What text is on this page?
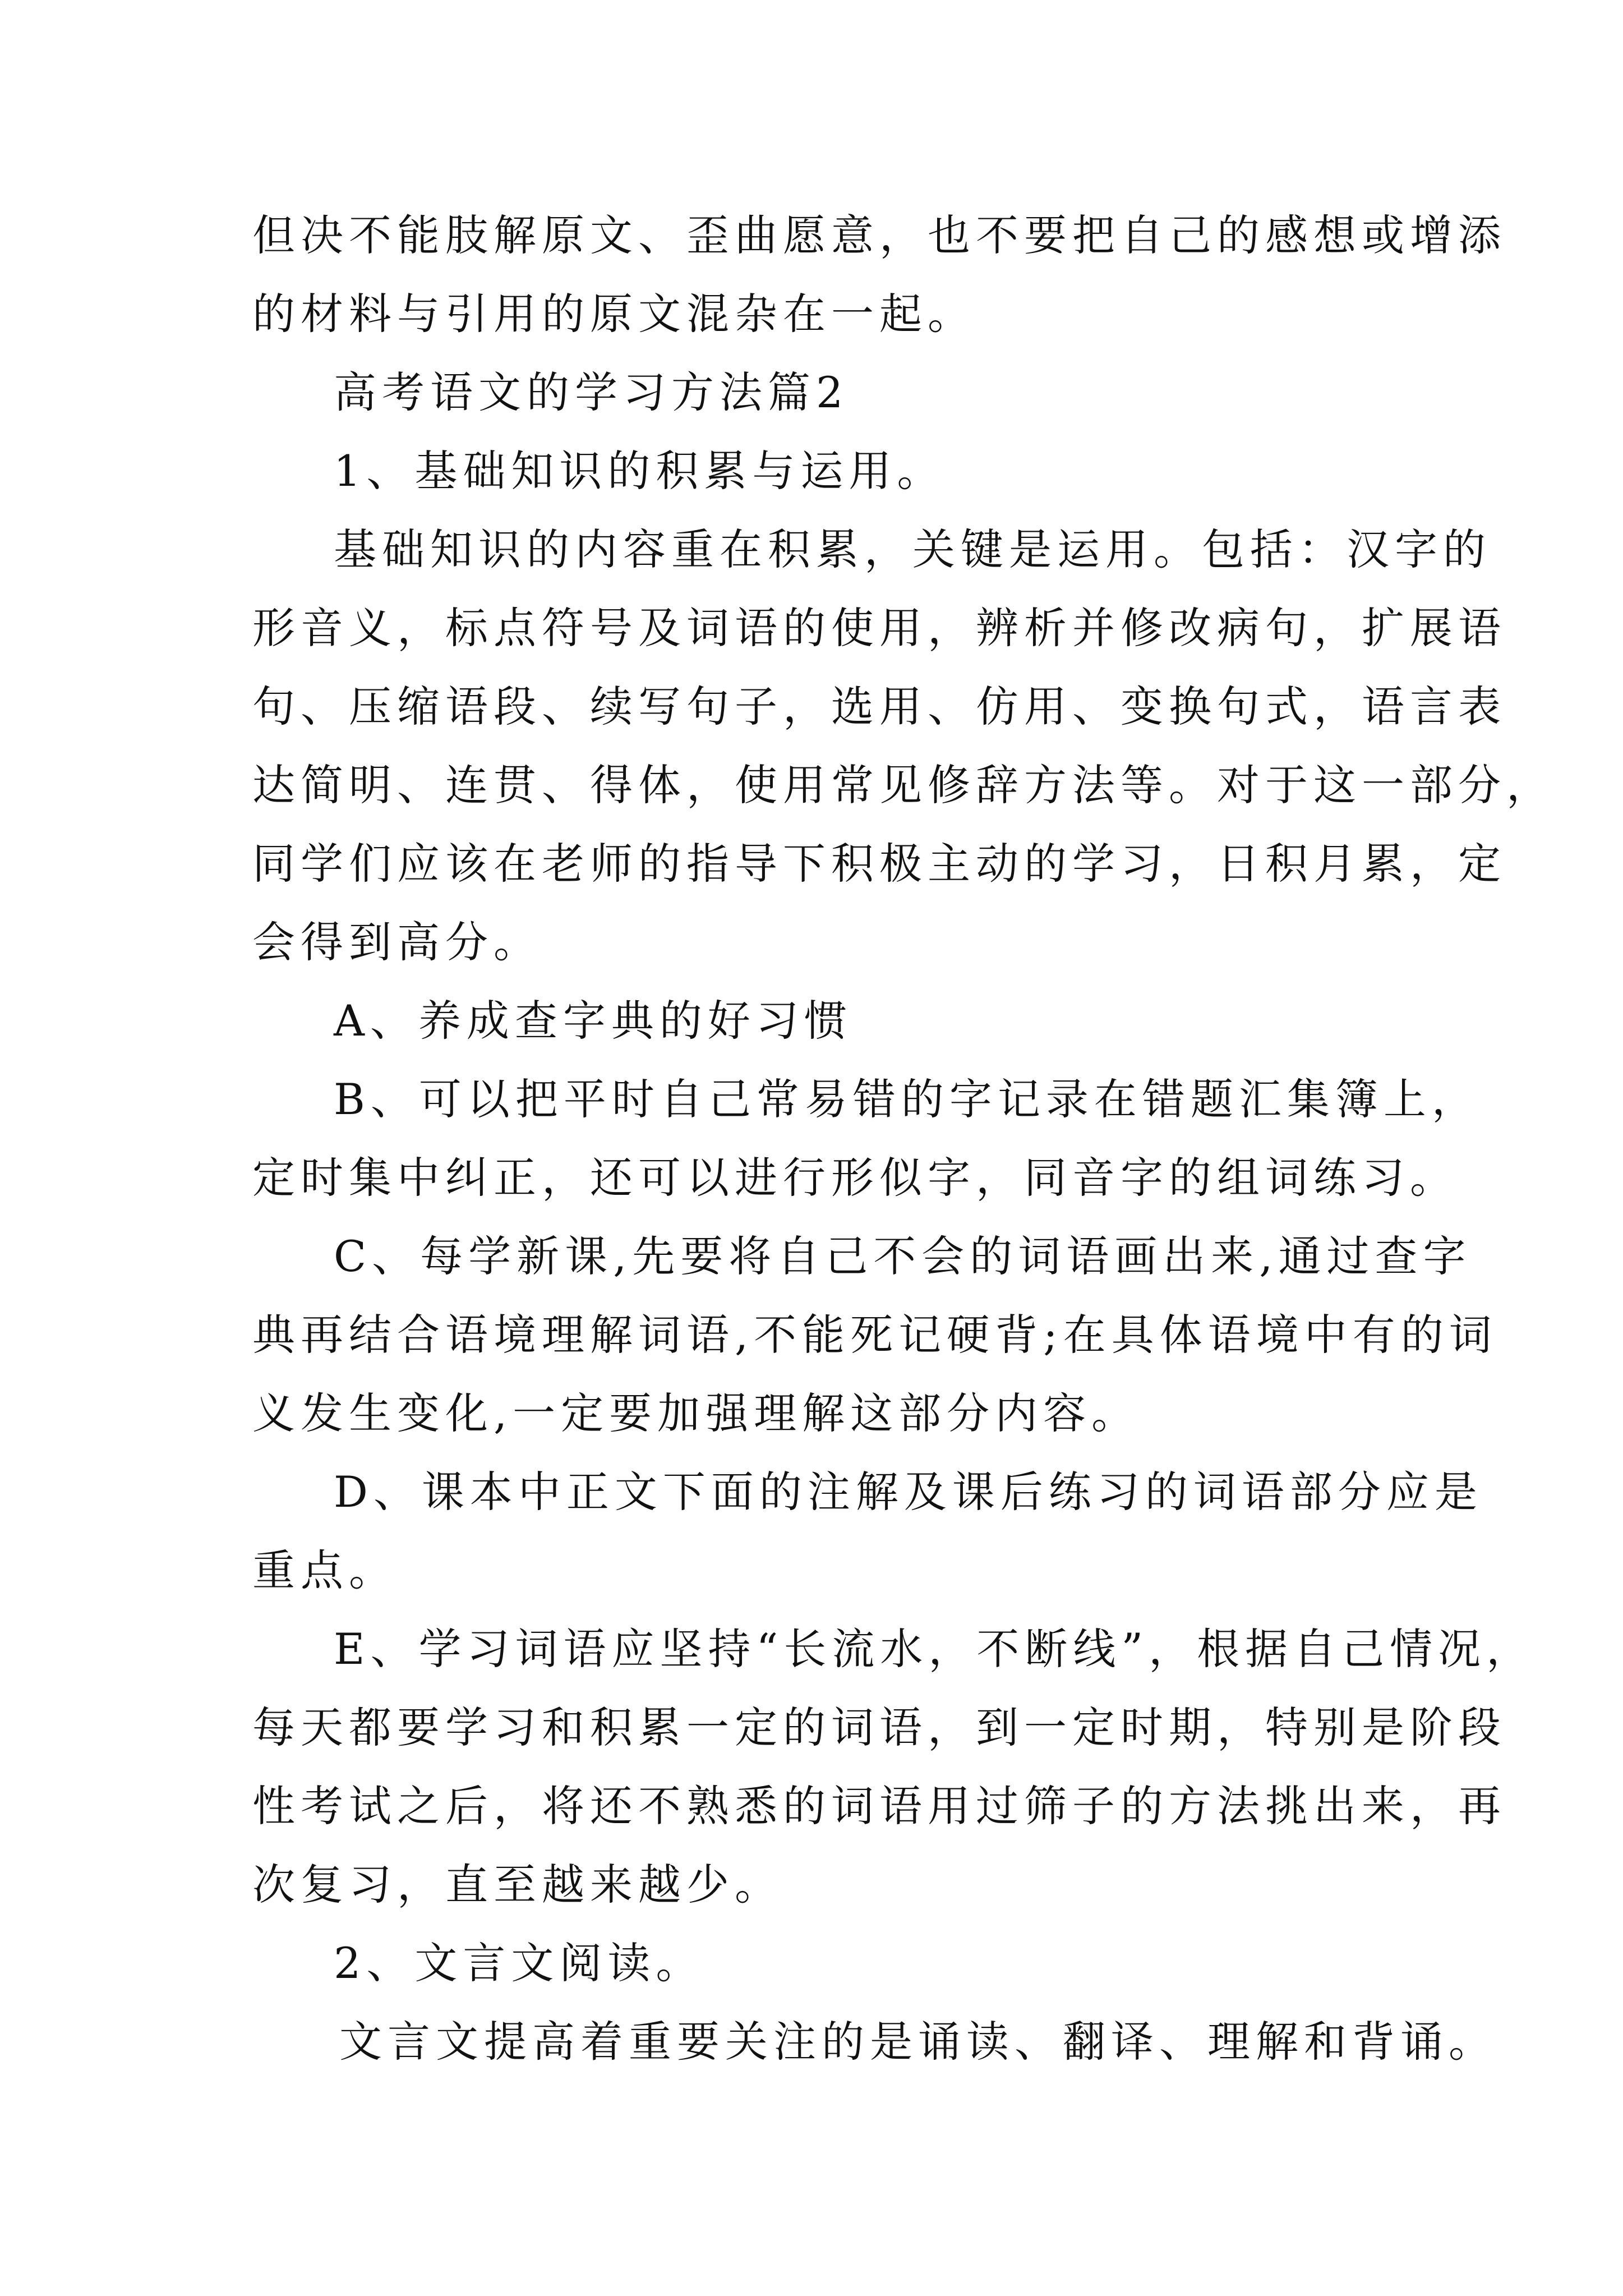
但决不能肢解原文、歪曲愿意，也不要把自己的感想或增添
的材料与引用的原文混杂在一起。
高考语文的学习方法篇2
1、基础知识的积累与运用。
基础知识的内容重在积累，关键是运用。包括：汉字的
形音义，标点符号及词语的使用，辨析并修改病句，扩展语
句、压缩语段、续写句子，选用、仿用、变换句式，语言表
达简明、连贯、得体，使用常见修辞方法等。对于这一部分，
同学们应该在老师的指导下积极主动的学习，日积月累，定
会得到高分。
A、养成查字典的好习惯
B、可以把平时自己常易错的字记录在错题汇集簿上，
定时集中纠正，还可以进行形似字，同音字的组词练习。
C、每学新课,先要将自己不会的词语画出来,通过查字
典再结合语境理解词语,不能死记硬背;在具体语境中有的词
义发生变化,一定要加强理解这部分内容。
D、课本中正文下面的注解及课后练习的词语部分应是
重点。
E、学习词语应坚持“长流水，不断线”，根据自己情况，
每天都要学习和积累一定的词语，到一定时期，特别是阶段
性考试之后，将还不熟悉的词语用过筛子的方法挑出来，再
次复习，直至越来越少。
2、文言文阅读。
文言文提高着重要关注的是诵读、翻译、理解和背诵。
